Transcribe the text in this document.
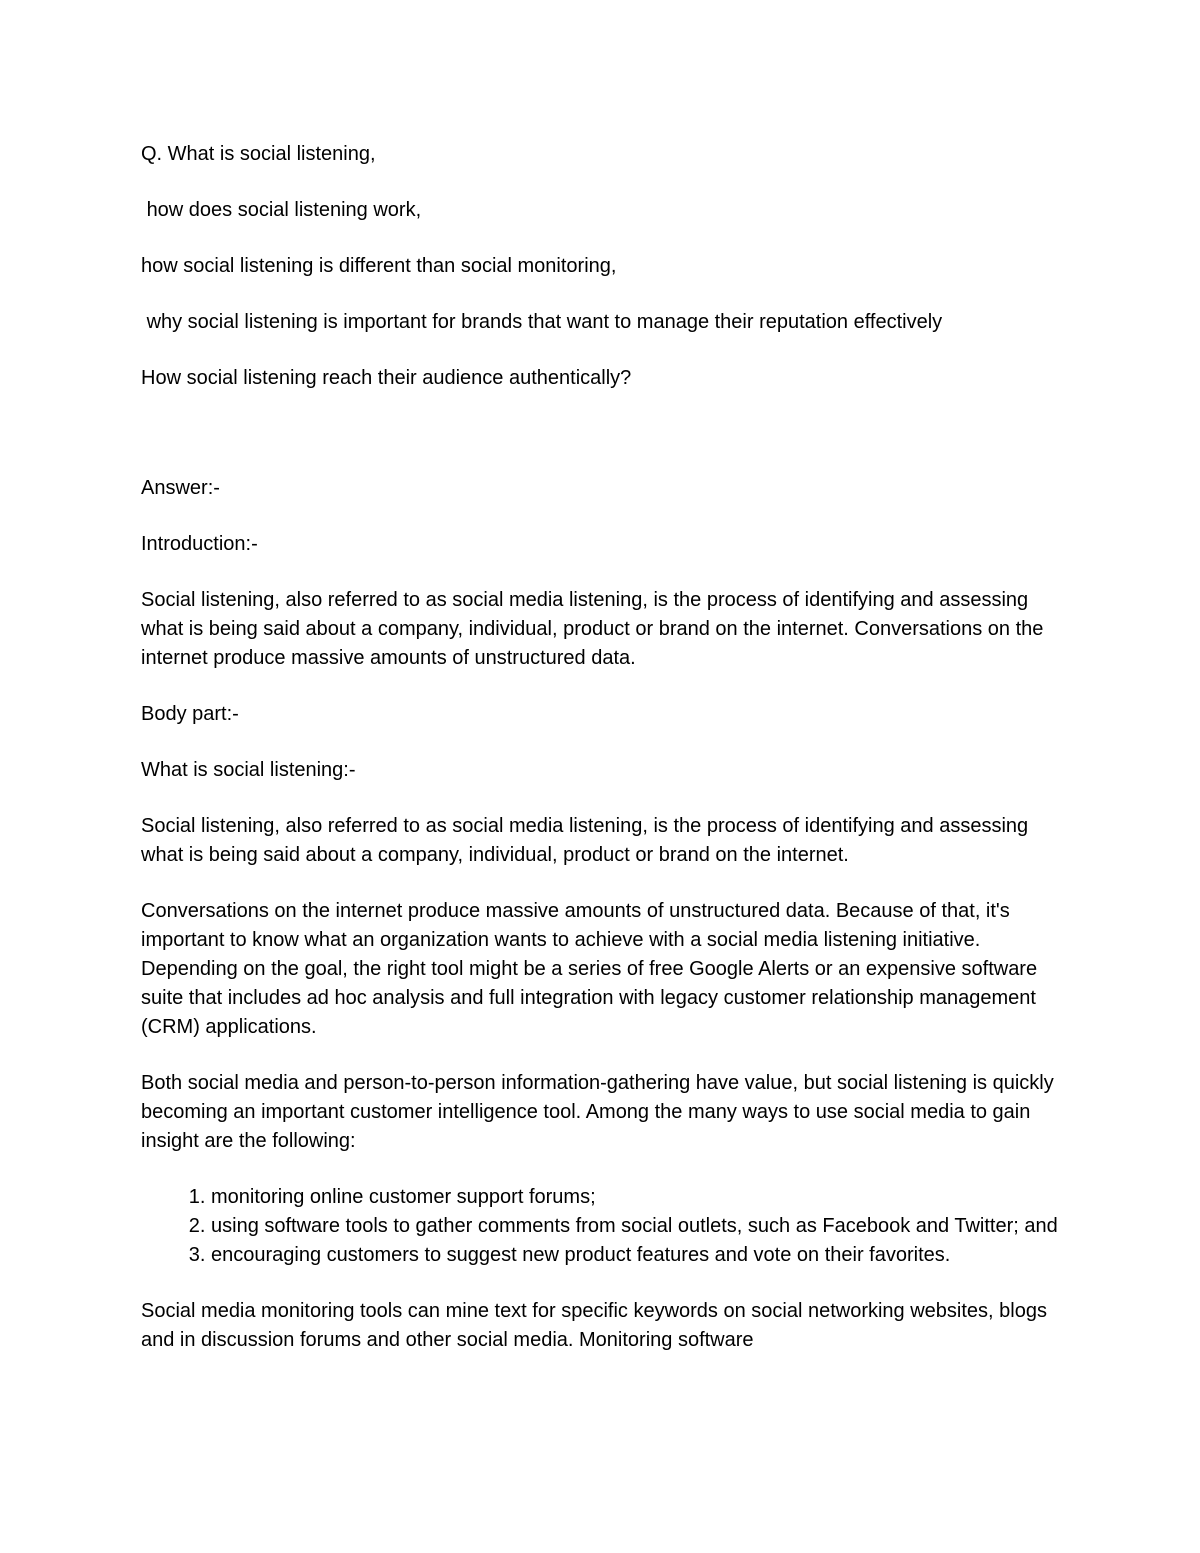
Q. What is social listening,

how does social listening work,

how social listening is different than social monitoring,

why social listening is important for brands that want to manage their reputation effectively

How social listening reach their audience authentically?

Answer:-

Introduction:-

Social listening, also referred to as social media listening, is the process of identifying and assessing what is being said about a company, individual, product or brand on the internet. Conversations on the internet produce massive amounts of unstructured data.

Body part:-

What is social listening:-

Social listening, also referred to as social media listening, is the process of identifying and assessing what is being said about a company, individual, product or brand on the internet.

Conversations on the internet produce massive amounts of unstructured data. Because of that, it's important to know what an organization wants to achieve with a social media listening initiative. Depending on the goal, the right tool might be a series of free Google Alerts or an expensive software suite that includes ad hoc analysis and full integration with legacy customer relationship management (CRM) applications.

Both social media and person-to-person information-gathering have value, but social listening is quickly becoming an important customer intelligence tool. Among the many ways to use social media to gain insight are the following:

1. monitoring online customer support forums;
2. using software tools to gather comments from social outlets, such as Facebook and Twitter; and
3. encouraging customers to suggest new product features and vote on their favorites.

Social media monitoring tools can mine text for specific keywords on social networking websites, blogs and in discussion forums and other social media. Monitoring software
